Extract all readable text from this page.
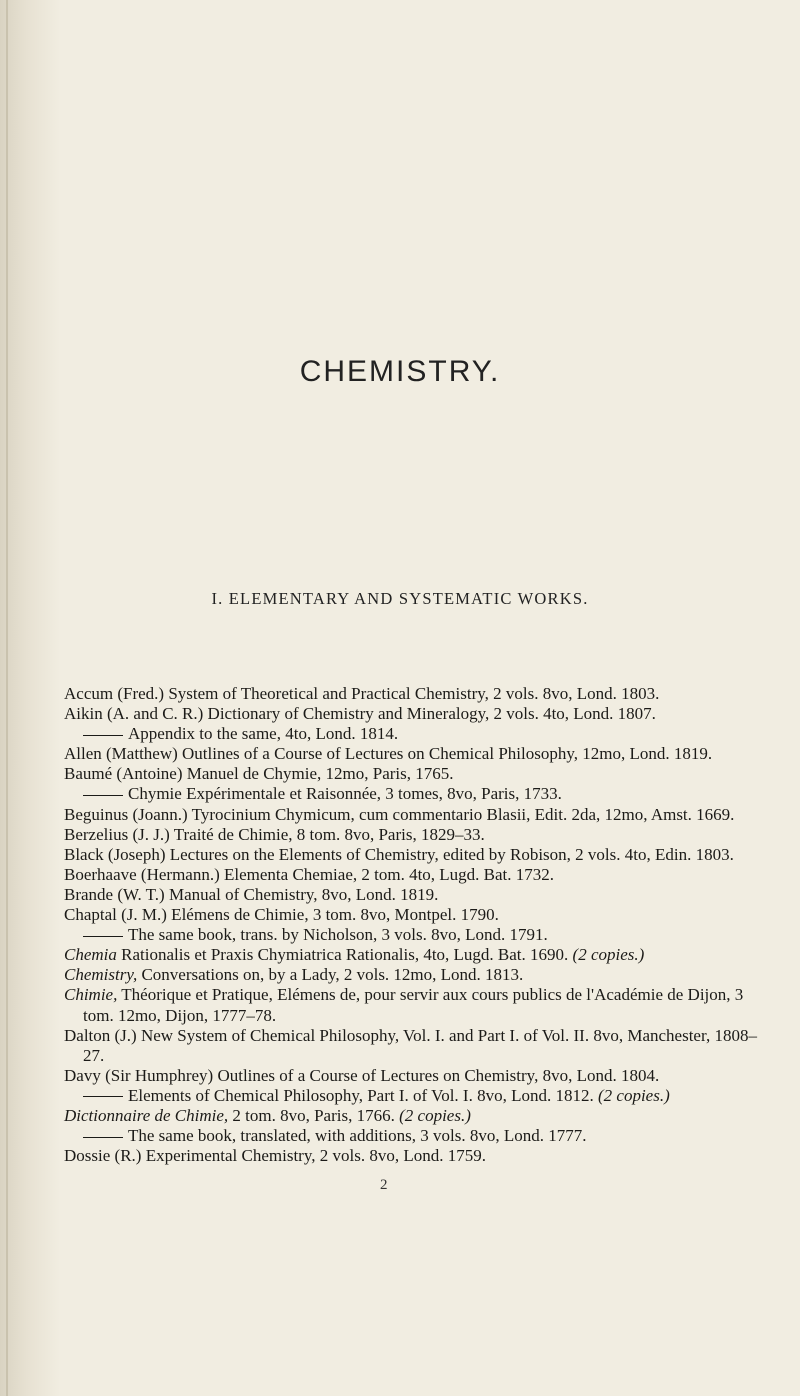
CHEMISTRY.
I. ELEMENTARY AND SYSTEMATIC WORKS.

Accum (Fred.) System of Theoretical and Practical Chemistry, 2 vols. 8vo, Lond. 1803.

Aikin (A. and C. R.) Dictionary of Chemistry and Mineralogy, 2 vols. 4to, Lond. 1807.

Appendix to the same, 4to, Lond. 1814.

Allen (Matthew) Outlines of a Course of Lectures on Chemical Philosophy, 12mo, Lond. 1819.

Baumé (Antoine) Manuel de Chymie, 12mo, Paris, 1765.

Chymie Expérimentale et Raisonnée, 3 tomes, 8vo, Paris, 1733.

Beguinus (Joann.) Tyrocinium Chymicum, cum commentario Blasii, Edit. 2da, 12mo, Amst. 1669.

Berzelius (J. J.) Traité de Chimie, 8 tom. 8vo, Paris, 1829–33.

Black (Joseph) Lectures on the Elements of Chemistry, edited by Robison, 2 vols. 4to, Edin. 1803.

Boerhaave (Hermann.) Elementa Chemiae, 2 tom. 4to, Lugd. Bat. 1732.

Brande (W. T.) Manual of Chemistry, 8vo, Lond. 1819.

Chaptal (J. M.) Elémens de Chimie, 3 tom. 8vo, Montpel. 1790.

The same book, trans. by Nicholson, 3 vols. 8vo, Lond. 1791.

Chemia Rationalis et Praxis Chymiatrica Rationalis, 4to, Lugd. Bat. 1690. (2 copies.)

Chemistry, Conversations on, by a Lady, 2 vols. 12mo, Lond. 1813.

Chimie, Théorique et Pratique, Elémens de, pour servir aux cours publics de l'Académie de Dijon, 3 tom. 12mo, Dijon, 1777–78.

Dalton (J.) New System of Chemical Philosophy, Vol. I. and Part I. of Vol. II. 8vo, Manchester, 1808–27.

Davy (Sir Humphrey) Outlines of a Course of Lectures on Chemistry, 8vo, Lond. 1804.

Elements of Chemical Philosophy, Part I. of Vol. I. 8vo, Lond. 1812. (2 copies.)

Dictionnaire de Chimie, 2 tom. 8vo, Paris, 1766. (2 copies.)

The same book, translated, with additions, 3 vols. 8vo, Lond. 1777.

Dossie (R.) Experimental Chemistry, 2 vols. 8vo, Lond. 1759.

2
